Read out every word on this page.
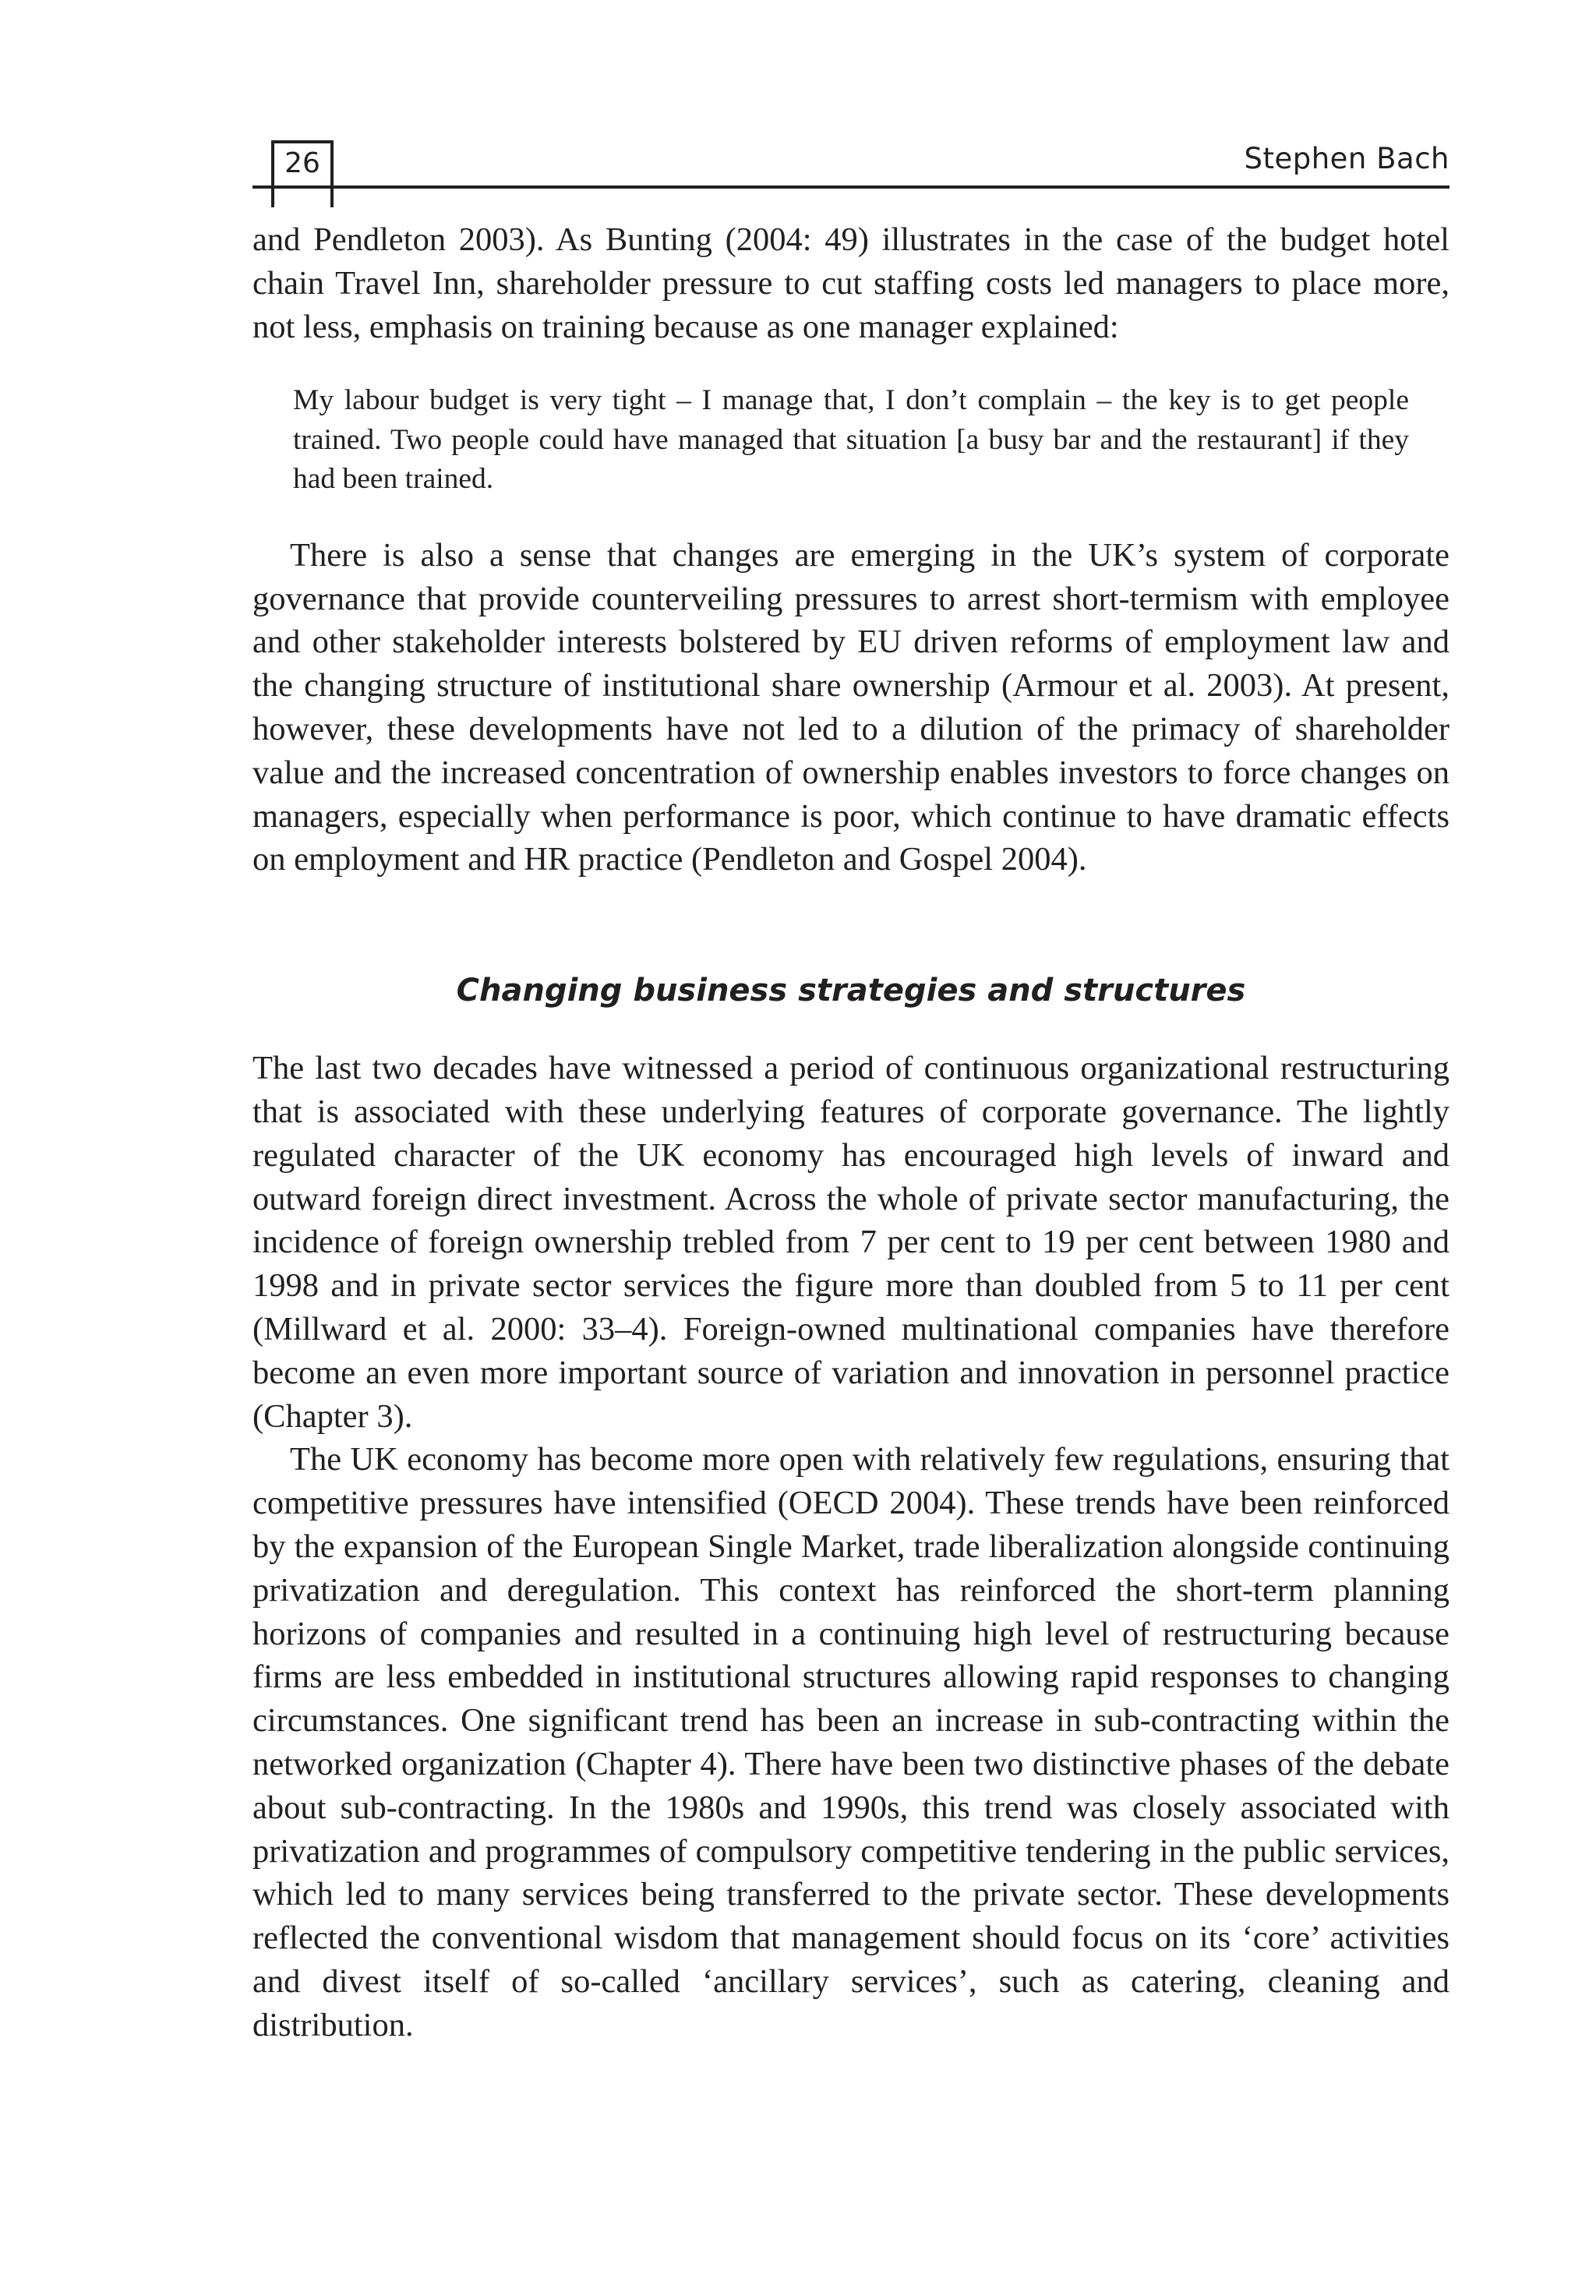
26	Stephen Bach

and Pendleton 2003). As Bunting (2004: 49) illustrates in the case of the budget hotel chain Travel Inn, shareholder pressure to cut staffing costs led managers to place more, not less, emphasis on training because as one manager explained:

My labour budget is very tight – I manage that, I don’t complain – the key is to get people trained. Two people could have managed that situation [a busy bar and the restaurant] if they had been trained.

There is also a sense that changes are emerging in the UK’s system of corporate governance that provide counterveiling pressures to arrest short-termism with employee and other stakeholder interests bolstered by EU driven reforms of employment law and the changing structure of institutional share ownership (Armour et al. 2003). At present, however, these developments have not led to a dilution of the primacy of shareholder value and the increased concentration of ownership enables investors to force changes on managers, especially when performance is poor, which continue to have dramatic effects on employment and HR practice (Pendleton and Gospel 2004).

Changing business strategies and structures

The last two decades have witnessed a period of continuous organizational restructuring that is associated with these underlying features of corporate governance. The lightly regulated character of the UK economy has encouraged high levels of inward and outward foreign direct investment. Across the whole of private sector manufacturing, the incidence of foreign ownership trebled from 7 per cent to 19 per cent between 1980 and 1998 and in private sector services the figure more than doubled from 5 to 11 per cent (Millward et al. 2000: 33–4). Foreign-owned multinational companies have therefore become an even more important source of variation and innovation in personnel practice (Chapter 3).

The UK economy has become more open with relatively few regulations, ensuring that competitive pressures have intensified (OECD 2004). These trends have been reinforced by the expansion of the European Single Market, trade liberalization alongside continuing privatization and deregulation. This context has reinforced the short-term planning horizons of companies and resulted in a continuing high level of restructuring because firms are less embedded in institutional structures allowing rapid responses to changing circumstances. One significant trend has been an increase in sub-contracting within the networked organization (Chapter 4). There have been two distinctive phases of the debate about sub-contracting. In the 1980s and 1990s, this trend was closely associated with privatization and programmes of compulsory competitive tendering in the public services, which led to many services being transferred to the private sector. These developments reflected the conventional wisdom that management should focus on its ‘core’ activities and divest itself of so-called ‘ancillary services’, such as catering, cleaning and distribution.
